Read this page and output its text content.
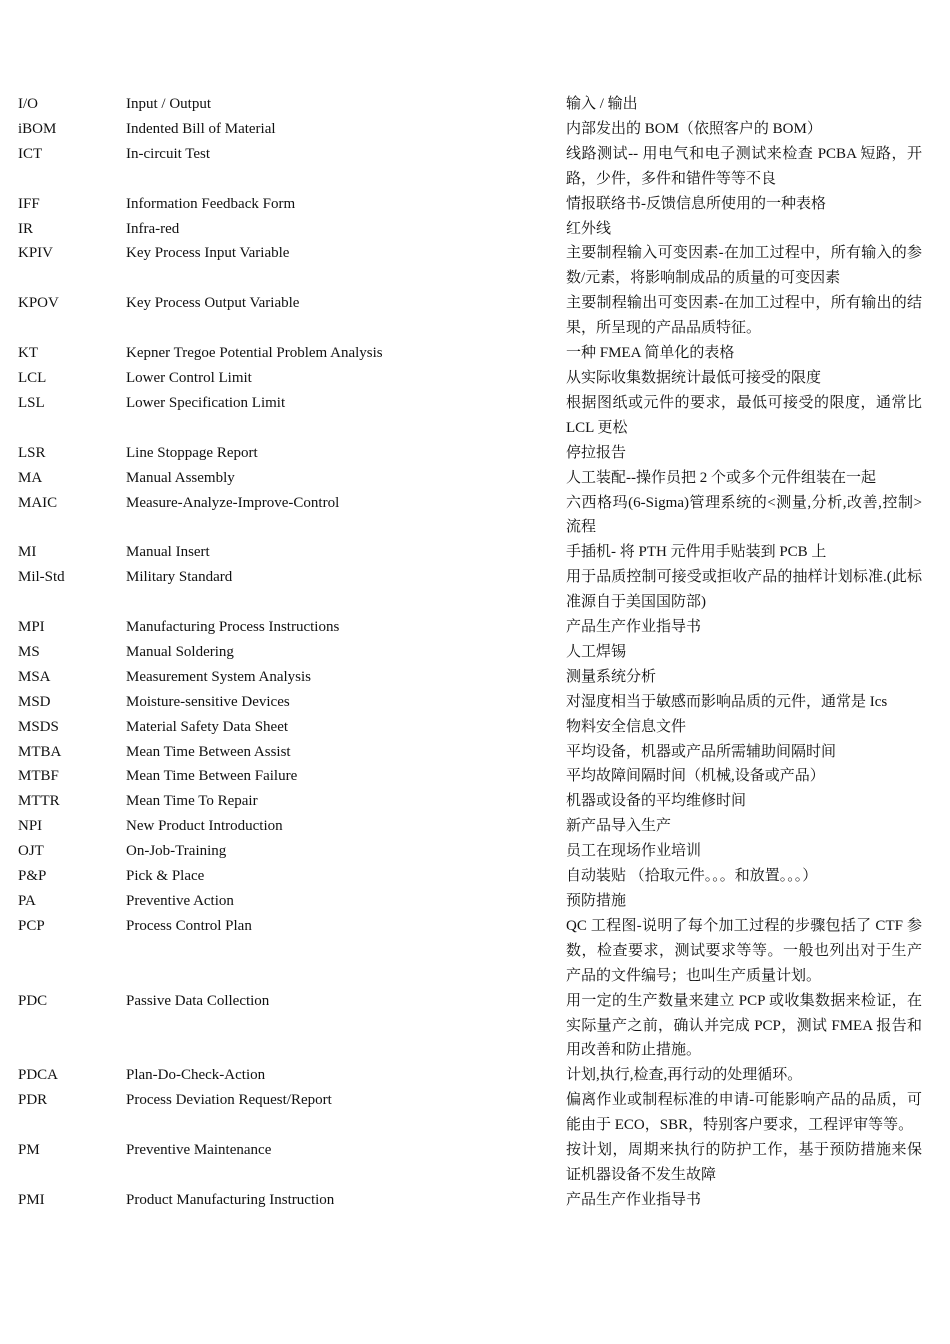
I/O	Input / Output	输入 / 输出
iBOM	Indented Bill of Material	内部发出的 BOM（依照客户的 BOM）
ICT	In-circuit Test	线路测试-- 用电气和电子测试来检查 PCBA 短路，开路，少件，多件和错件等等不良
IFF	Information Feedback Form	情报联络书-反馈信息所使用的一种表格
IR	Infra-red	红外线
KPIV	Key Process Input Variable	主要制程输入可变因素-在加工过程中，所有输入的参数/元素，将影响制成品的质量的可变因素
KPOV	Key Process Output Variable	主要制程输出可变因素-在加工过程中，所有输出的结果，所呈现的产品品质特征。
KT	Kepner Tregoe Potential Problem Analysis	一种 FMEA 简单化的表格
LCL	Lower Control Limit	从实际收集数据统计最低可接受的限度
LSL	Lower Specification Limit	根据图纸或元件的要求，最低可接受的限度，通常比 LCL 更松
LSR	Line Stoppage Report	停拉报告
MA	Manual Assembly	人工装配--操作员把 2 个或多个元件组装在一起
MAIC	Measure-Analyze-Improve-Control	六西格玛(6-Sigma)管理系统的<测量,分析,改善,控制>流程
MI	Manual Insert	手插机- 将 PTH 元件用手贴装到 PCB 上
Mil-Std	Military Standard	用于品质控制可接受或拒收产品的抽样计划标准.(此标准源自于美国国防部)
MPI	Manufacturing Process Instructions	产品生产作业指导书
MS	Manual Soldering	人工焊锡
MSA	Measurement System Analysis	测量系统分析
MSD	Moisture-sensitive Devices	对湿度相当于敏感而影响品质的元件，通常是 Ics
MSDS	Material Safety Data Sheet	物料安全信息文件
MTBA	Mean Time Between Assist	平均设备，机器或产品所需辅助间隔时间
MTBF	Mean Time Between Failure	平均故障间隔时间（机械,设备或产品）
MTTR	Mean Time To Repair	机器或设备的平均维修时间
NPI	New Product Introduction	新产品导入生产
OJT	On-Job-Training	员工在现场作业培训
P&P	Pick & Place	自动装贴 （拾取元件。。。和放置。。。）
PA	Preventive Action	预防措施
PCP	Process Control Plan	QC 工程图-说明了每个加工过程的步骤包括了 CTF 参数，检查要求，测试要求等等。一般也列出对于生产产品的文件编号；也叫生产质量计划。
PDC	Passive Data Collection	用一定的生产数量来建立 PCP 或收集数据来检证，在实际量产之前，确认并完成 PCP，测试 FMEA 报告和用改善和防止措施。
PDCA	Plan-Do-Check-Action	计划,执行,检查,再行动的处理循环。
PDR	Process Deviation Request/Report	偏离作业或制程标准的申请-可能影响产品的品质，可能由于 ECO，SBR，特别客户要求，工程评审等等。
PM	Preventive Maintenance	按计划，周期来执行的防护工作，基于预防措施来保证机器设备不发生故障
PMI	Product Manufacturing Instruction	产品生产作业指导书
